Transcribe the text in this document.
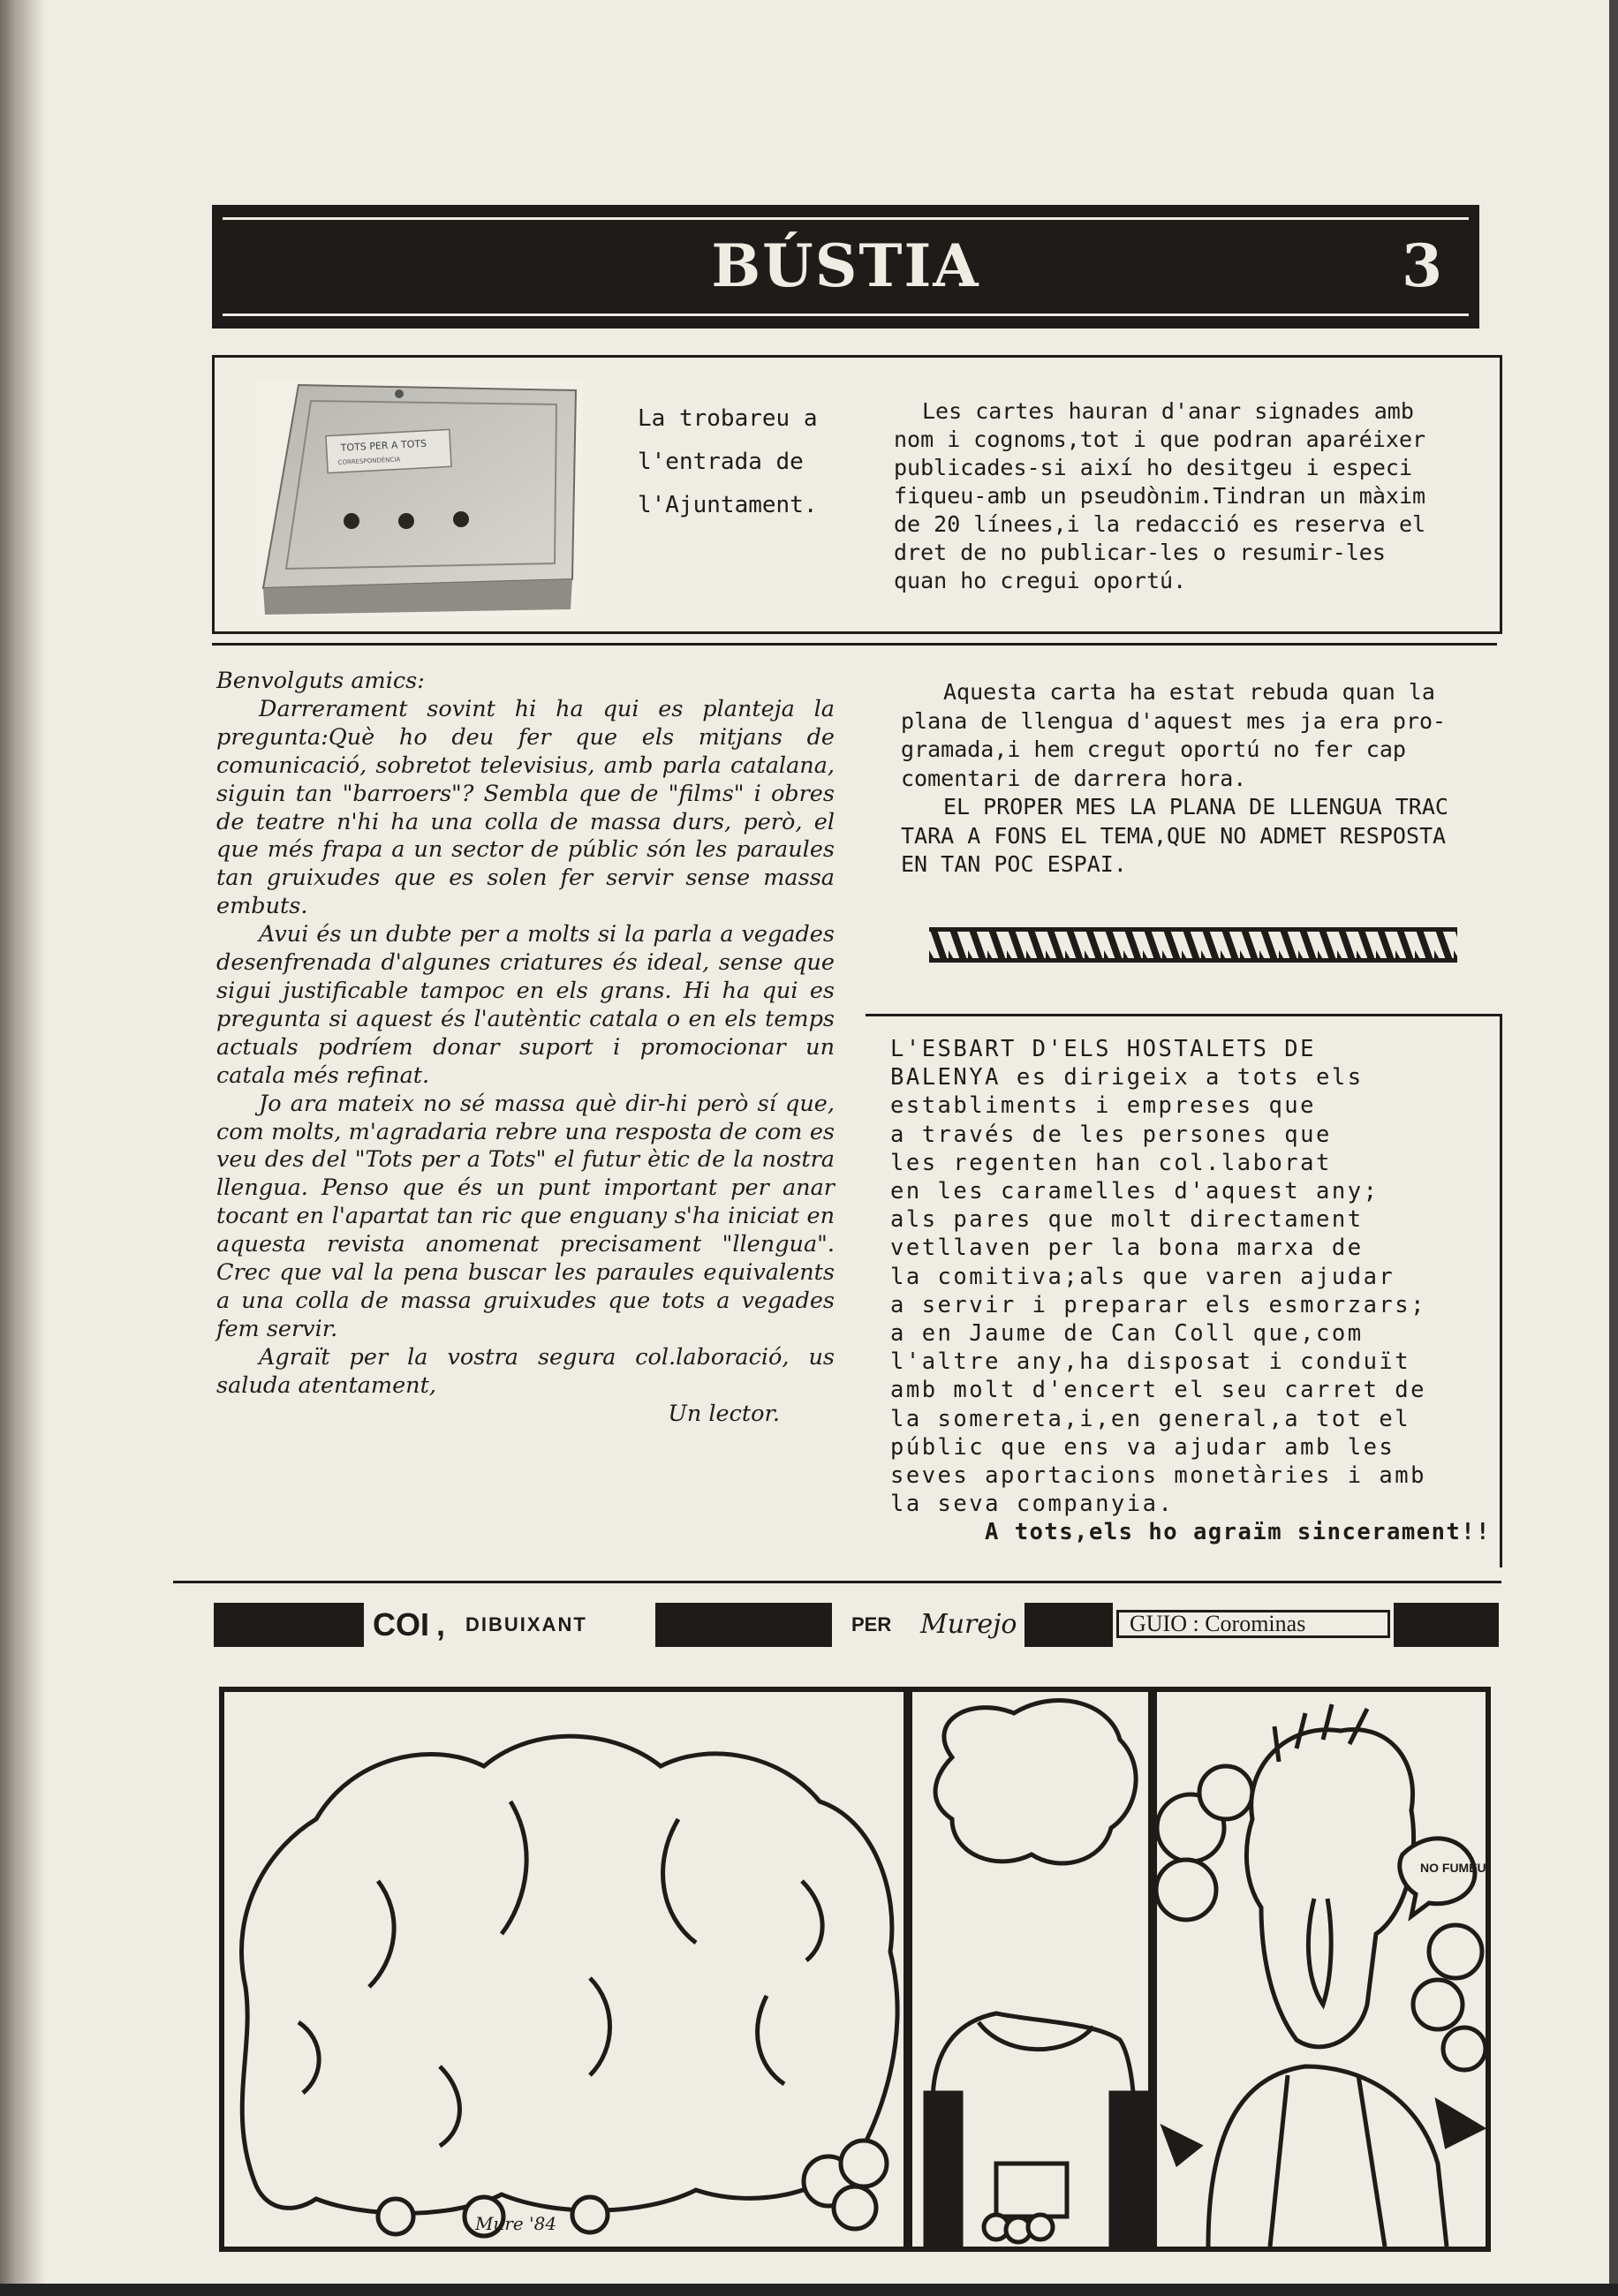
BÚSTIA	3
TOTS PER A TOTS
CORRESPONDÈNCIA
La trobareu a
l'entrada de
l'Ajuntament.
Les cartes hauran d'anar signades amb
nom i cognoms,tot i que podran aparéixer
publicades-si així ho desitgeu i especi
fiqueu-amb un pseudònim.Tindran un màxim
de 20 línees,i la redacció es reserva el
dret de no publicar-les o resumir-les
quan ho cregui oportú.

Benvolguts amics:

Darrerament sovint hi ha qui es planteja la pregunta:Què ho deu fer que els mitjans de comunicació, sobretot televisius, amb parla catalana, siguin tan "barroers"? Sembla que de "films" i obres de teatre n'hi ha una colla de massa durs, però, el que més frapa a un sector de públic són les paraules tan gruixudes que es solen fer servir sense massa embuts.

Avui és un dubte per a molts si la parla a vegades desenfrenada d'algunes criatures és ideal, sense que sigui justificable tampoc en els grans. Hi ha qui es pregunta si aquest és l'autèntic catala o en els temps actuals podríem donar suport i promocionar un catala més refinat.

Jo ara mateix no sé massa què dir-hi però sí que, com molts, m'agradaria rebre una resposta de com es veu des del "Tots per a Tots" el futur ètic de la nostra llengua. Penso que és un punt important per anar tocant en l'apartat tan ric que enguany s'ha iniciat en aquesta revista anomenat precisament "llengua". Crec que val la pena buscar les paraules equivalents a una colla de massa gruixudes que tots a vegades fem servir.

Agraït per la vostra segura col.laboració, us saluda atentament,

Un lector.

Aquesta carta ha estat rebuda quan la

plana de llengua d'aquest mes ja era pro-

gramada,i hem cregut oportú no fer cap

comentari de darrera hora.

EL PROPER MES LA PLANA DE LLENGUA TRAC

TARA A FONS EL TEMA,QUE NO ADMET RESPOSTA

EN TAN POC ESPAI.

L'ESBART D'ELS HOSTALETS DE

BALENYA es dirigeix a tots els

establiments i empreses que

a través de les persones que

les regenten han col.laborat

en les caramelles d'aquest any;

als pares que molt directament

vetllaven per la bona marxa de

la comitiva;als que varen ajudar

a servir i preparar els esmorzars;

a en Jaume de Can Coll que,com

l'altre any,ha disposat i conduït

amb molt d'encert el seu carret de

la somereta,i,en general,a tot el

públic que ens va ajudar amb les

seves aportacions monetàries i amb

la seva companyia.

A tots,els ho agraïm sincerament!!

COI , DIBUIXANT	PER Murejo	GUIO : Corominas
Mure '84
NO FUMEU
